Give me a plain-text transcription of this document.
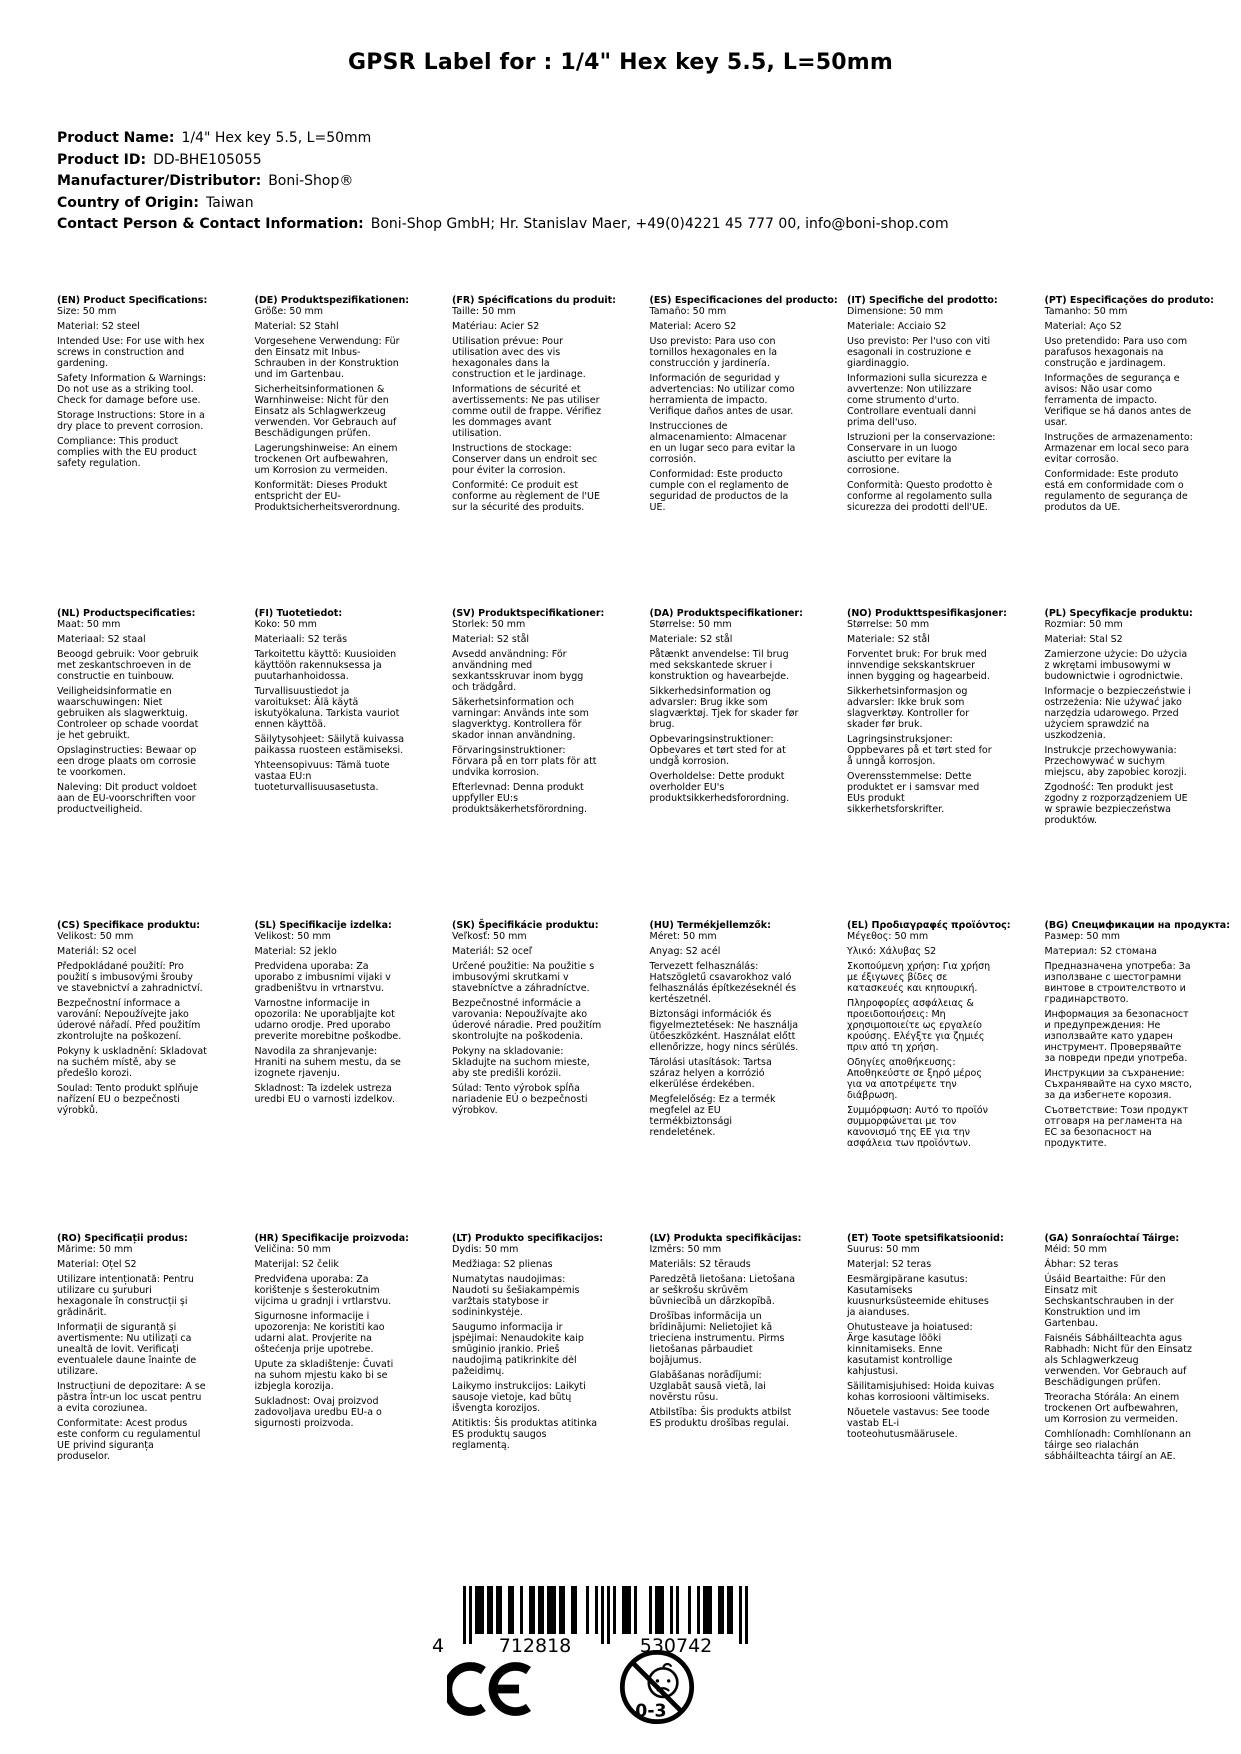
GPSR Label for : 1/4" Hex key 5.5, L=50mm
Product Name: 1/4" Hex key 5.5, L=50mm
Product ID: DD-BHE105055
Manufacturer/Distributor: Boni-Shop®
Country of Origin: Taiwan
Contact Person & Contact Information: Boni-Shop GmbH; Hr. Stanislav Maer, +49(0)4221 45 777 00, info@boni-shop.com
(EN) Product Specifications:

Size: 50 mm

Material: S2 steel

Intended Use: For use with hex screws in construction and gardening.

Safety Information & Warnings: Do not use as a striking tool. Check for damage before use.

Storage Instructions: Store in a dry place to prevent corrosion.

Compliance: This product complies with the EU product safety regulation.

(DE) Produktspezifikationen:

Größe: 50 mm

Material: S2 Stahl

Vorgesehene Verwendung: Für den Einsatz mit Inbus-Schrauben in der Konstruktion und im Gartenbau.

Sicherheitsinformationen & Warnhinweise: Nicht für den Einsatz als Schlagwerkzeug verwenden. Vor Gebrauch auf Beschädigungen prüfen.

Lagerungshinweise: An einem trockenen Ort aufbewahren, um Korrosion zu vermeiden.

Konformität: Dieses Produkt entspricht der EU-Produktsicherheitsverordnung.

(FR) Spécifications du produit:

Taille: 50 mm

Matériau: Acier S2

Utilisation prévue: Pour utilisation avec des vis hexagonales dans la construction et le jardinage.

Informations de sécurité et avertissements: Ne pas utiliser comme outil de frappe. Vérifiez les dommages avant utilisation.

Instructions de stockage: Conserver dans un endroit sec pour éviter la corrosion.

Conformité: Ce produit est conforme au règlement de l'UE sur la sécurité des produits.

(ES) Especificaciones del producto:

Tamaño: 50 mm

Material: Acero S2

Uso previsto: Para uso con tornillos hexagonales en la construcción y jardinería.

Información de seguridad y advertencias: No utilizar como herramienta de impacto. Verifique daños antes de usar.

Instrucciones de almacenamiento: Almacenar en un lugar seco para evitar la corrosión.

Conformidad: Este producto cumple con el reglamento de seguridad de productos de la UE.

(IT) Specifiche del prodotto:

Dimensione: 50 mm

Materiale: Acciaio S2

Uso previsto: Per l'uso con viti esagonali in costruzione e giardinaggio.

Informazioni sulla sicurezza e avvertenze: Non utilizzare come strumento d'urto. Controllare eventuali danni prima dell'uso.

Istruzioni per la conservazione: Conservare in un luogo asciutto per evitare la corrosione.

Conformità: Questo prodotto è conforme al regolamento sulla sicurezza dei prodotti dell'UE.

(PT) Especificações do produto:

Tamanho: 50 mm

Material: Aço S2

Uso pretendido: Para uso com parafusos hexagonais na construção e jardinagem.

Informações de segurança e avisos: Não usar como ferramenta de impacto. Verifique se há danos antes de usar.

Instruções de armazenamento: Armazenar em local seco para evitar corrosão.

Conformidade: Este produto está em conformidade com o regulamento de segurança de produtos da UE.

(NL) Productspecificaties:

Maat: 50 mm

Materiaal: S2 staal

Beoogd gebruik: Voor gebruik met zeskantschroeven in de constructie en tuinbouw.

Veiligheidsinformatie en waarschuwingen: Niet gebruiken als slagwerktuig. Controleer op schade voordat je het gebruikt.

Opslaginstructies: Bewaar op een droge plaats om corrosie te voorkomen.

Naleving: Dit product voldoet aan de EU-voorschriften voor productveiligheid.

(FI) Tuotetiedot:

Koko: 50 mm

Materiaali: S2 teräs

Tarkoitettu käyttö: Kuusioiden käyttöön rakennuksessa ja puutarhanhoidossa.

Turvallisuustiedot ja varoitukset: Älä käytä iskutyökaluna. Tarkista vauriot ennen käyttöä.

Säilytysohjeet: Säilytä kuivassa paikassa ruosteen estämiseksi.

Yhteensopivuus: Tämä tuote vastaa EU:n tuoteturvallisuusasetusta.

(SV) Produktspecifikationer:

Storlek: 50 mm

Material: S2 stål

Avsedd användning: För användning med sexkantsskruvar inom bygg och trädgård.

Säkerhetsinformation och varningar: Används inte som slagverktyg. Kontrollera för skador innan användning.

Förvaringsinstruktioner: Förvara på en torr plats för att undvika korrosion.

Efterlevnad: Denna produkt uppfyller EU:s produktsäkerhetsförordning.

(DA) Produktspecifikationer:

Størrelse: 50 mm

Materiale: S2 stål

Påtænkt anvendelse: Til brug med sekskantede skruer i konstruktion og havearbejde.

Sikkerhedsinformation og advarsler: Brug ikke som slagværktøj. Tjek for skader før brug.

Opbevaringsinstruktioner: Opbevares et tørt sted for at undgå korrosion.

Overholdelse: Dette produkt overholder EU's produktsikkerhedsforordning.

(NO) Produkttspesifikasjoner:

Størrelse: 50 mm

Materiale: S2 stål

Forventet bruk: For bruk med innvendige sekskantskruer innen bygging og hagearbeid.

Sikkerhetsinformasjon og advarsler: Ikke bruk som slagverktøy. Kontroller for skader før bruk.

Lagringsinstruksjoner: Oppbevares på et tørt sted for å unngå korrosjon.

Overensstemmelse: Dette produktet er i samsvar med EUs produkt sikkerhetsforskrifter.

(PL) Specyfikacje produktu:

Rozmiar: 50 mm

Materiał: Stal S2

Zamierzone użycie: Do użycia z wkrętami imbusowymi w budownictwie i ogrodnictwie.

Informacje o bezpieczeństwie i ostrzeżenia: Nie używać jako narzędzia udarowego. Przed użyciem sprawdzić na uszkodzenia.

Instrukcje przechowywania: Przechowywać w suchym miejscu, aby zapobiec korozji.

Zgodność: Ten produkt jest zgodny z rozporządzeniem UE w sprawie bezpieczeństwa produktów.

(CS) Specifikace produktu:

Velikost: 50 mm

Materiál: S2 ocel

Předpokládané použití: Pro použití s imbusovými šrouby ve stavebnictví a zahradnictví.

Bezpečnostní informace a varování: Nepoužívejte jako úderové nářadí. Před použitím zkontrolujte na poškození.

Pokyny k uskladnění: Skladovat na suchém místě, aby se předešlo korozi.

Soulad: Tento produkt splňuje nařízení EU o bezpečnosti výrobků.

(SL) Specifikacije izdelka:

Velikost: 50 mm

Material: S2 jeklo

Predvidena uporaba: Za uporabo z imbusnimi vijaki v gradbeništvu in vrtnarstvu.

Varnostne informacije in opozorila: Ne uporabljajte kot udarno orodje. Pred uporabo preverite morebitne poškodbe.

Navodila za shranjevanje: Hraniti na suhem mestu, da se izognete rjavenju.

Skladnost: Ta izdelek ustreza uredbi EU o varnosti izdelkov.

(SK) Špecifikácie produktu:

Veľkosť: 50 mm

Materiál: S2 oceľ

Určené použitie: Na použitie s imbusovými skrutkami v stavebníctve a záhradníctve.

Bezpečnostné informácie a varovania: Nepoužívajte ako úderové náradie. Pred použitím skontrolujte na poškodenia.

Pokyny na skladovanie: Skladujte na suchom mieste, aby ste predišli korózii.

Súlad: Tento výrobok spĺňa nariadenie EÚ o bezpečnosti výrobkov.

(HU) Termékjellemzők:

Méret: 50 mm

Anyag: S2 acél

Tervezett felhasználás: Hatszögletű csavarokhoz való felhasználás építkezéseknél és kertészetnél.

Biztonsági információk és figyelmeztetések: Ne használja ütőeszközként. Használat előtt ellenőrizze, hogy nincs sérülés.

Tárolási utasítások: Tartsa száraz helyen a korrózió elkerülése érdekében.

Megfelelőség: Ez a termék megfelel az EU termékbiztonsági rendeletének.

(EL) Προδιαγραφές προϊόντος:

Μέγεθος: 50 mm

Υλικό: Χάλυβας S2

Σκοπούμενη χρήση: Για χρήση με έξιγωνες βίδες σε κατασκευές και κηπουρική.

Πληροφορίες ασφάλειας & προειδοποιήσεις: Μη χρησιμοποιείτε ως εργαλείο κρούσης. Ελέγξτε για ζημιές πριν από τη χρήση.

Οδηγίες αποθήκευσης: Αποθηκεύστε σε ξηρό μέρος για να αποτρέψετε την διάβρωση.

Συμμόρφωση: Αυτό το προϊόν συμμορφώνεται με τον κανονισμό της ΕΕ για την ασφάλεια των προϊόντων.

(BG) Спецификации на продукта:

Размер: 50 mm

Материал: S2 стомана

Предназначена употреба: За използване с шестограмни винтове в строителството и градинарството.

Информация за безопасност и предупреждения: Не използвайте като ударен инструмент. Проверявайте за повреди преди употреба.

Инструкции за съхранение: Съхранявайте на сухо място, за да избегнете корозия.

Съответствие: Този продукт отговаря на регламента на ЕС за безопасност на продуктите.

(RO) Specificații produs:

Mărime: 50 mm

Material: Oțel S2

Utilizare intenționată: Pentru utilizare cu șuruburi hexagonale în construcții și grădinărit.

Informații de siguranță și avertismente: Nu utilizați ca unealtă de lovit. Verificați eventualele daune înainte de utilizare.

Instrucțiuni de depozitare: A se păstra într-un loc uscat pentru a evita coroziunea.

Conformitate: Acest produs este conform cu regulamentul UE privind siguranța produselor.

(HR) Specifikacije proizvoda:

Veličina: 50 mm

Materijal: S2 čelik

Predviđena uporaba: Za korištenje s šesterokutnim vijcima u gradnji i vrtlarstvu.

Sigurnosne informacije i upozorenja: Ne koristiti kao udarni alat. Provjerite na oštećenja prije upotrebe.

Upute za skladištenje: Čuvati na suhom mjestu kako bi se izbjegla korozija.

Sukladnost: Ovaj proizvod zadovoljava uredbu EU-a o sigurnosti proizvoda.

(LT) Produkto specifikacijos:

Dydis: 50 mm

Medžiaga: S2 plienas

Numatytas naudojimas: Naudoti su šešiakampėmis varžtais statybose ir sodininkystėje.

Saugumo informacija ir įspėjimai: Nenaudokite kaip smūginio įrankio. Prieš naudojimą patikrinkite dėl pažeidimų.

Laikymo instrukcijos: Laikyti sausoje vietoje, kad būtų išvengta korozijos.

Atitiktis: Šis produktas atitinka ES produktų saugos reglamentą.

(LV) Produkta specifikācijas:

Izmērs: 50 mm

Materiāls: S2 tērauds

Paredzētā lietošana: Lietošana ar seškrošu skrūvēm būvniecībā un dārzkopībā.

Drošības informācija un brīdinājumi: Nelietojiet kā trieciena instrumentu. Pirms lietošanas pārbaudiet bojājumus.

Glabāšanas norādījumi: Uzglabāt sausā vietā, lai novērstu rūsu.

Atbilstība: Šis produkts atbilst ES produktu drošības regulai.

(ET) Toote spetsifikatsioonid:

Suurus: 50 mm

Materjal: S2 teras

Eesmärgipärane kasutus: Kasutamiseks kuusnurksüsteemide ehituses ja aianduses.

Ohutusteave ja hoiatused: Ärge kasutage lööki kinnitamiseks. Enne kasutamist kontrollige kahjustusi.

Säilitamisjuhised: Hoida kuivas kohas korrosiooni vältimiseks.

Nõuetele vastavus: See toode vastab EL-i tooteohutusmäärusele.

(GA) Sonraíochtaí Táirge:

Méid: 50 mm

Ábhar: S2 teras

Úsáid Beartaithe: Für den Einsatz mit Sechskantschrauben in der Konstruktion und im Gartenbau.

Faisnéis Sábháilteachta agus Rabhadh: Nicht für den Einsatz als Schlagwerkzeug verwenden. Vor Gebrauch auf Beschädigungen prüfen.

Treoracha Stórála: An einem trockenen Ort aufbewahren, um Korrosion zu vermeiden.

Comhlíonadh: Comhlíonann an táirge seo rialachán sábháilteachta táirgí an AE.

4	712818	530742
0-3
